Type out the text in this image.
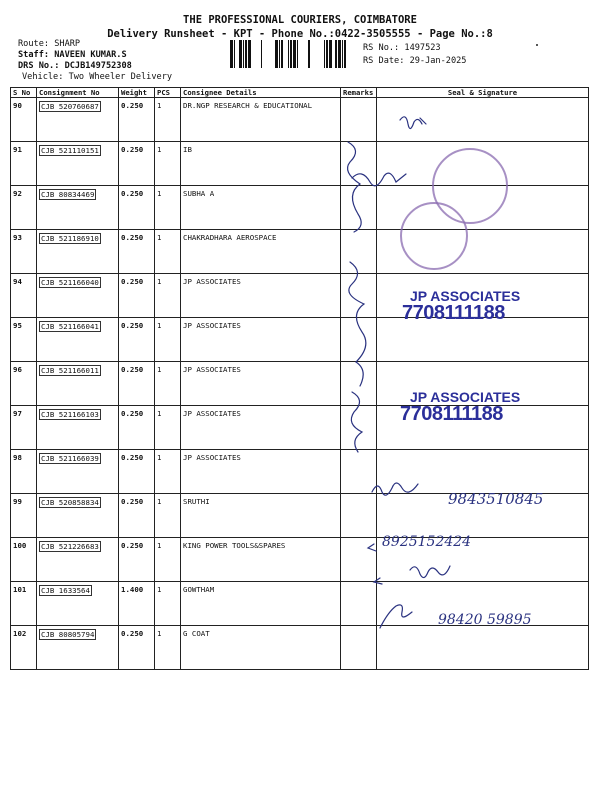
THE PROFESSIONAL COURIERS, COIMBATORE
Delivery Runsheet - KPT - Phone No.:0422-3505555 - Page No.:8
Route: SHARP
Staff: NAVEEN KUMAR.S
DRS No.: DCJB149752308
Vehicle: Two Wheeler Delivery
RS No.: 1497523
RS Date: 29-Jan-2025
S No	Consignment No	Weight	PCS	Consignee Details	Remarks	Seal & Signature
90	CJB 520760687	0.250	1	DR.NGP RESEARCH & EDUCATIONAL		
91	CJB 521110151	0.250	1	IB		
92	CJB 80834469	0.250	1	SUBHA A		
93	CJB 521186910	0.250	1	CHAKRADHARA AEROSPACE		
94	CJB 521166040	0.250	1	JP ASSOCIATES		
95	CJB 521166041	0.250	1	JP ASSOCIATES		
96	CJB 521166011	0.250	1	JP ASSOCIATES		
97	CJB 521166103	0.250	1	JP ASSOCIATES		
98	CJB 521166039	0.250	1	JP ASSOCIATES		
99	CJB 520858834	0.250	1	SRUTHI		
100	CJB 521226683	0.250	1	KING POWER TOOLS&SPARES		
101	CJB 1633564	1.400	1	GOWTHAM		
102	CJB 80805794	0.250	1	G COAT		
JP ASSOCIATES
7708111188
JP ASSOCIATES
7708111188
9843510845
8925152424
98420 59895
